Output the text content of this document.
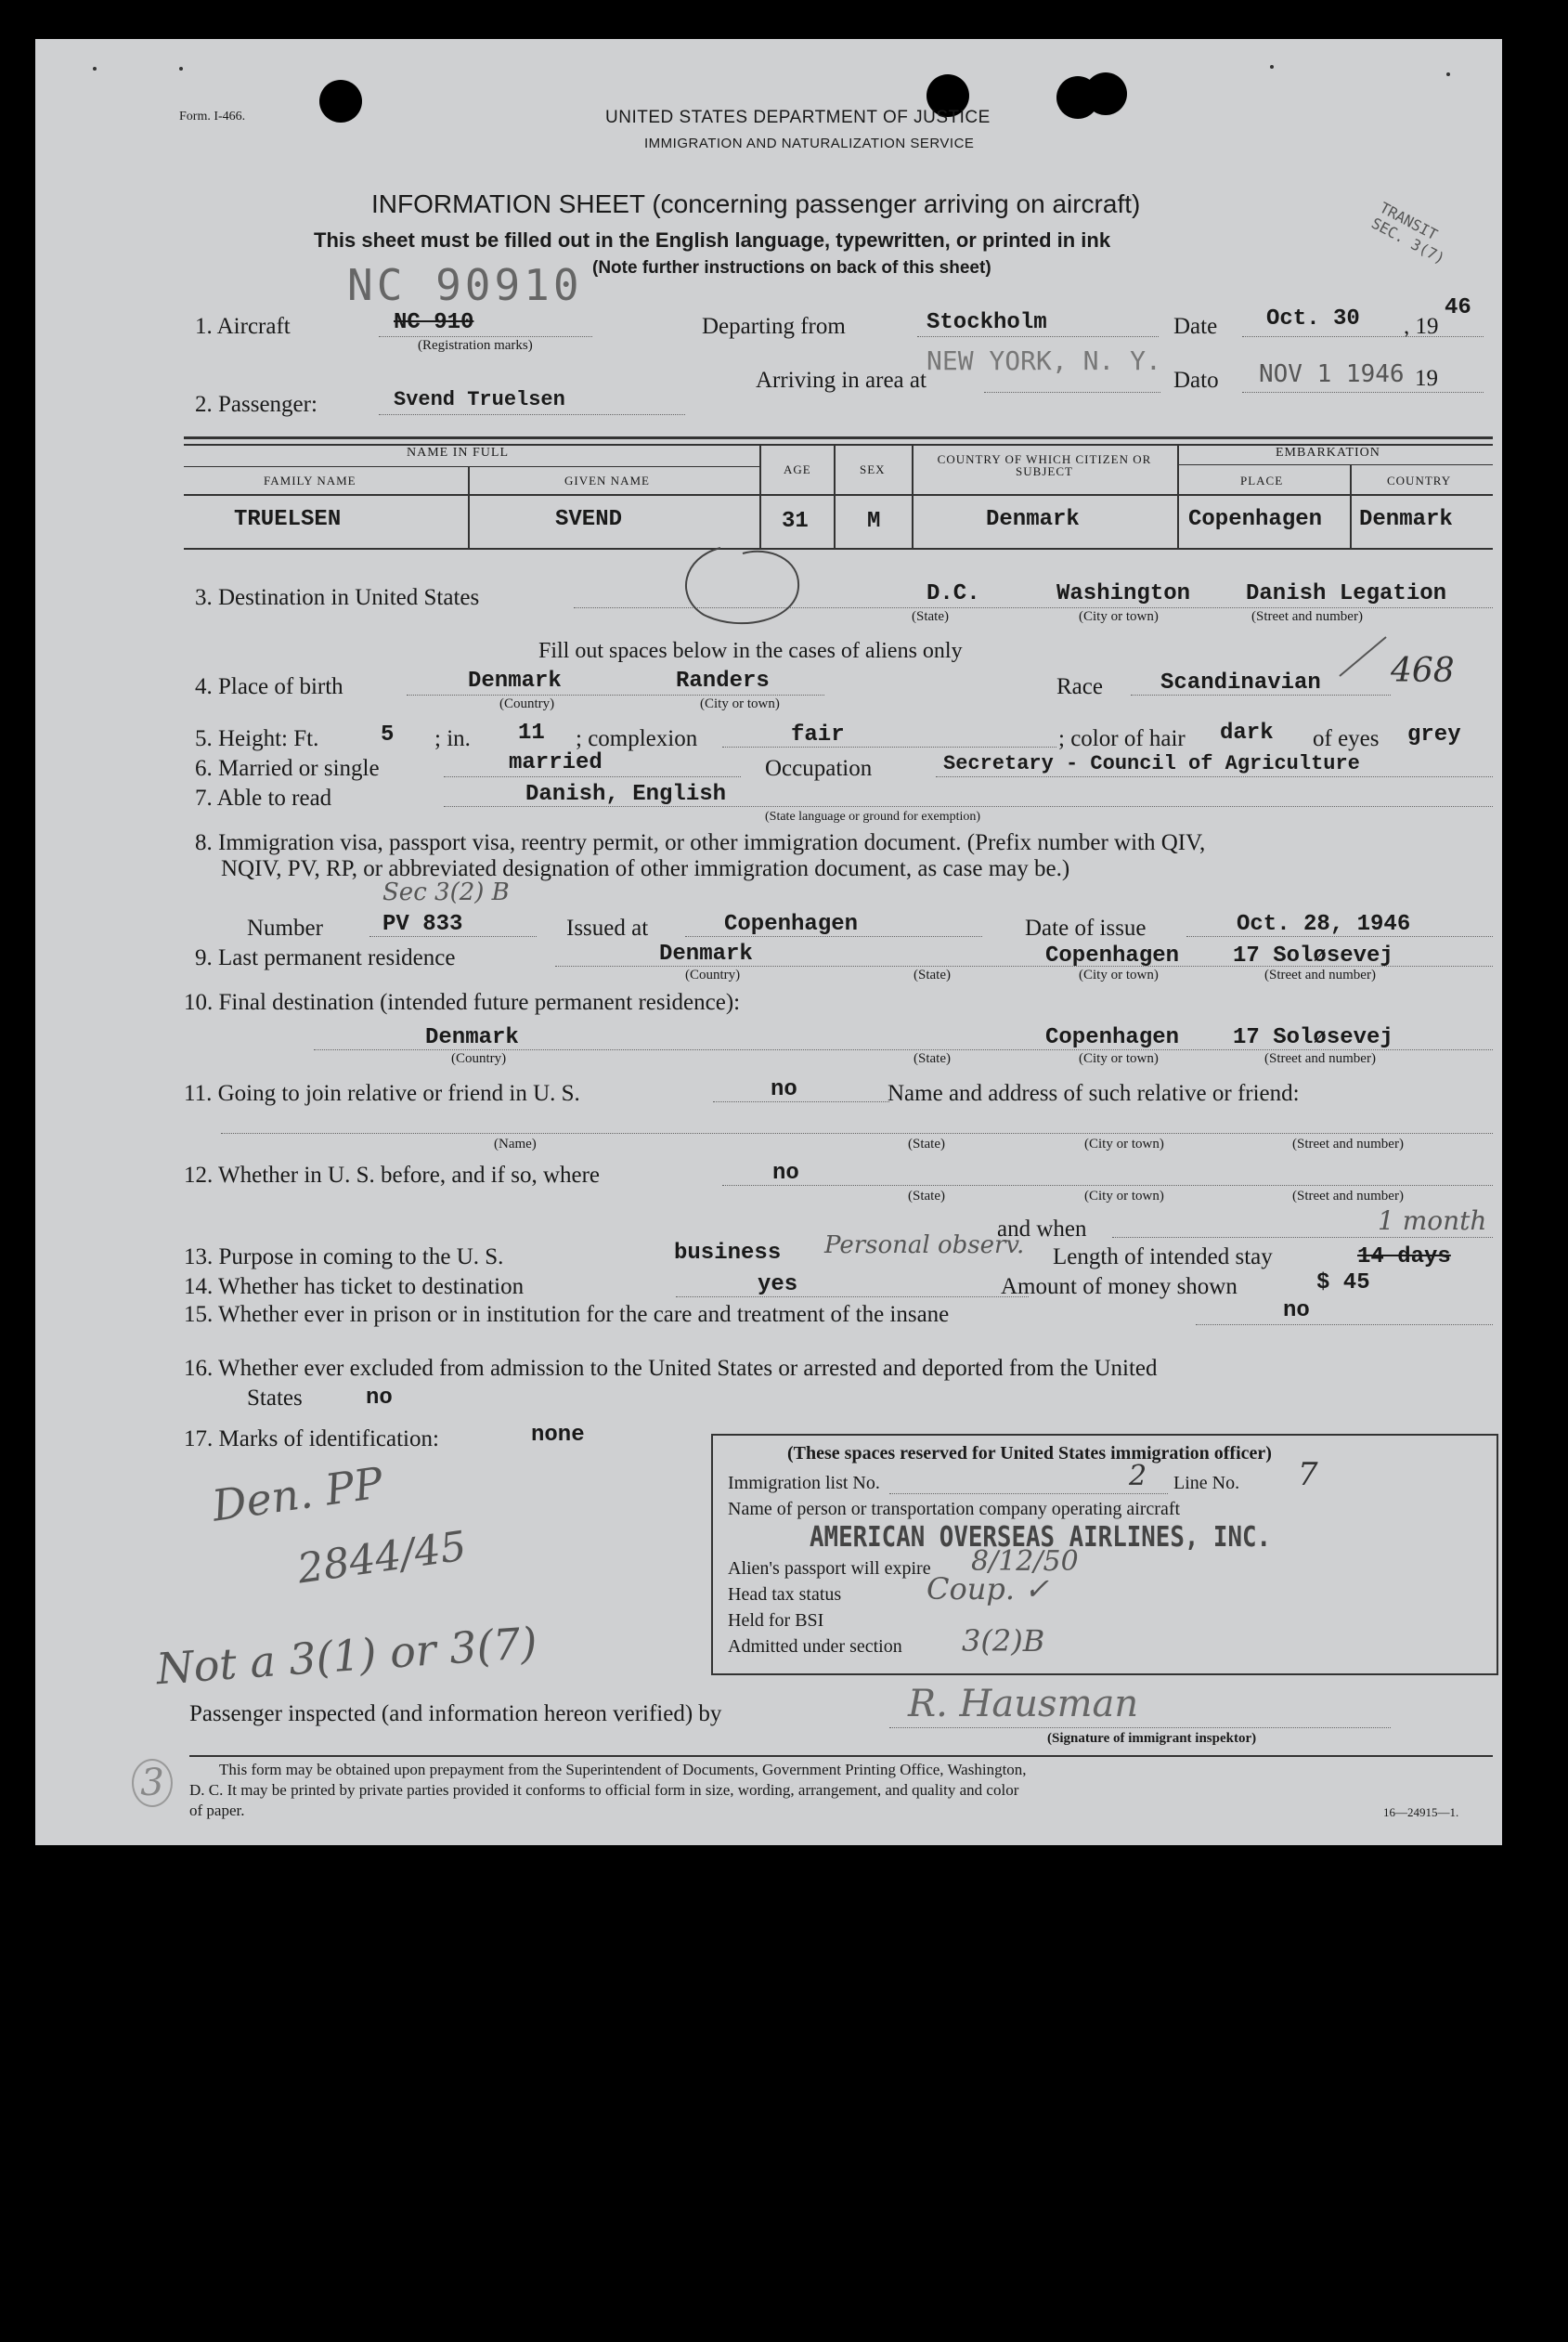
Form. I-466.	UNITED STATES DEPARTMENT OF JUSTICE
IMMIGRATION AND NATURALIZATION SERVICE
INFORMATION SHEET (concerning passenger arriving on aircraft)
This sheet must be filled out in the English language, typewritten, or printed in ink
(Note further instructions on back of this sheet)
NC 90910
TRANSIT
SEC. 3(7)
1. Aircraft	NC 910
(Registration marks)
Departing from	Stockholm	Date Oct. 30 , 19
46
Arriving in area at
NEW YORK, N. Y.
Dato NOV 1 1946 19
2. Passenger:	Svend Truelsen
NAME IN FULL
FAMILY NAME	GIVEN NAME
AGE	SEX
COUNTRY OF WHICH CITIZEN OR SUBJECT
EMBARKATION
PLACE	COUNTRY
TRUELSEN	SVEND	31	M	Denmark	Copenhagen Denmark
3. Destination in United States	D.C.	Washington Danish Legation
(State)	(City or town)	(Street and number)
Fill out spaces below in the cases of aliens only
4. Place of birth	Denmark	Randers
(Country)	(City or town)
Race	Scandinavian 468
5. Height: Ft.	5 ; in. 11 ; complexion	fair	; color of hair dark of eyes grey
6. Married or single	married	Occupation	Secretary - Council of Agriculture
7. Able to read	Danish, English
(State language or ground for exemption)
8. Immigration visa, passport visa, reentry permit, or other immigration document. (Prefix number with QIV,
NQIV, PV, RP, or abbreviated designation of other immigration document, as case may be.)
Sec 3(2) B
Number	PV 833	Issued at	Copenhagen	Date of issue	Oct. 28, 1946
9. Last permanent residence	Denmark	Copenhagen 17 Soløsevej
(Country)	(State)	(City or town)	(Street and number)
10. Final destination (intended future permanent residence):
Denmark	Copenhagen 17 Soløsevej
(Country)	(State)	(City or town)	(Street and number)
11. Going to join relative or friend in U. S.	no	Name and address of such relative or friend:
(Name)	(State)	(City or town)	(Street and number)
12. Whether in U. S. before, and if so, where	no
(State)	(City or town)	(Street and number)
and when
13. Purpose in coming to the U. S.	business Personal observ. Length of intended stay	14 days
1 month
14. Whether has ticket to destination	yes	Amount of money shown	$ 45
15. Whether ever in prison or in institution for the care and treatment of the insane	no
16. Whether ever excluded from admission to the United States or arrested and deported from the United
States	no
17. Marks of identification:	none
Den. PP
2844/45
Not a 3(1) or 3(7)
3
(These spaces reserved for United States immigration officer)
Immigration list No.	2 Line No. 7
Name of person or transportation company operating aircraft
AMERICAN OVERSEAS AIRLINES, INC.
Alien's passport will expire 8/12/50
Head tax status	Coup. ✓
Held for BSI
Admitted under section 3(2)B
Passenger inspected (and information hereon verified) by	R. Hausman
(Signature of immigrant inspektor)
This form may be obtained upon prepayment from the Superintendent of Documents, Government Printing Office, Washington,
D. C. It may be printed by private parties provided it conforms to official form in size, wording, arrangement, and quality and color
of paper.	16—24915—1.
